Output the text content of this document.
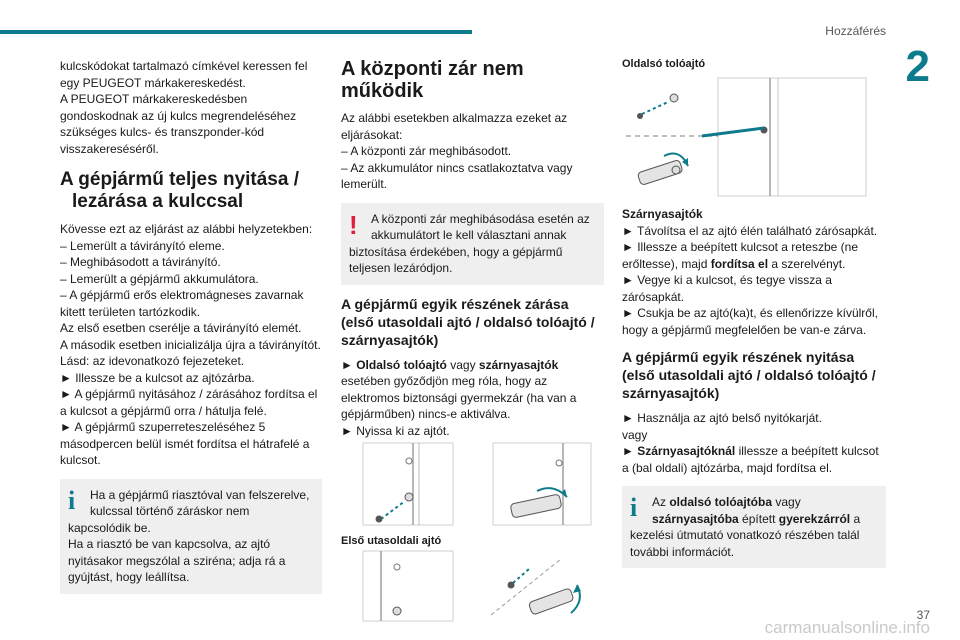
Hozzáférés
2
37
carmanualsonline.info

kulcskódokat tartalmazó címkével keressen fel
egy PEUGEOT márkakereskedést.
A PEUGEOT márkakereskedésben
gondoskodnak az új kulcs megrendeléséhez
szükséges kulcs- és transzponder-kód
visszakereséséről.

A gépjármű teljes nyitása /
lezárása a kulccsal

Kövesse ezt az eljárást az alábbi helyzetekben:
– Lemerült a távirányító eleme.
– Meghibásodott a távirányító.
– Lemerült a gépjármű akkumulátora.
– A gépjármű erős elektromágneses zavarnak
kitett területen tartózkodik.
Az első esetben cserélje a távirányító elemét.
A második esetben inicializálja újra a távirányítót.
Lásd: az idevonatkozó fejezeteket.
► Illessze be a kulcsot az ajtózárba.
► A gépjármű nyitásához / zárásához fordítsa el
a kulcsot a gépjármű orra / hátulja felé.
► A gépjármű szuperreteszeléséhez 5
másodpercen belül ismét fordítsa el hátrafelé a
kulcsot.

i	Ha a gépjármű riasztóval van felszerelve,

kulcssal történő záráskor nem

kapcsolódik be.

Ha a riasztó be van kapcsolva, az ajtó

nyitásakor megszólal a sziréna; adja rá a

gyújtást, hogy leállítsa.

A központi zár nem működik

Az alábbi esetekben alkalmazza ezeket az
eljárásokat:
– A központi zár meghibásodott.
– Az akkumulátor nincs csatlakoztatva vagy
lemerült.

!	A központi zár meghibásodása esetén az

akkumulátort le kell választani annak

biztosítása érdekében, hogy a gépjármű

teljesen lezáródjon.

A gépjármű egyik részének zárása
(első utasoldali ajtó / oldalsó tolóajtó /
szárnyasajtók)

► Oldalsó tolóajtó vagy szárnyasajtók
esetében győződjön meg róla, hogy az
elektromos biztonsági gyermekzár (ha van a
gépjárműben) nincs-e aktiválva.
► Nyissa ki az ajtót.

Első utasoldali ajtó
Oldalsó tolóajtó

Szárnyasajtók
► Távolítsa el az ajtó élén található zárósapkát.
► Illessze a beépített kulcsot a reteszbe (ne
erőltesse), majd fordítsa el a szerelvényt.
► Vegye ki a kulcsot, és tegye vissza a
zárósapkát.
► Csukja be az ajtó(ka)t, és ellenőrizze kívülről,
hogy a gépjármű megfelelően be van-e zárva.

A gépjármű egyik részének nyitása
(első utasoldali ajtó / oldalsó tolóajtó /
szárnyasajtók)

► Használja az ajtó belső nyitókarját.
vagy
► Szárnyasajtóknál illessze a beépített kulcsot
a (bal oldali) ajtózárba, majd fordítsa el.

i	Az oldalsó tolóajtóba vagy

szárnyasajtóba épített gyerekzárról a

kezelési útmutató vonatkozó részében talál

további információt.
